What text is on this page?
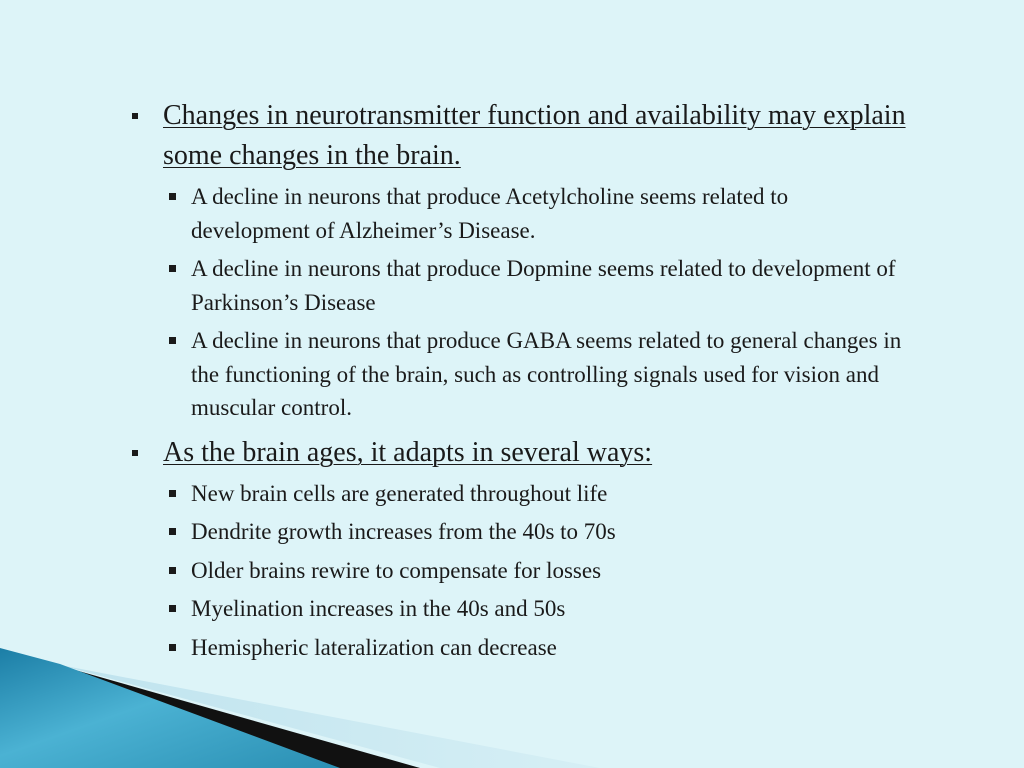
Changes in neurotransmitter function and availability may explain some changes in the brain.
A decline in neurons that produce Acetylcholine seems related to development of Alzheimer’s Disease.
A decline in neurons that produce Dopmine seems related to development of Parkinson’s Disease
A decline in neurons that produce GABA seems related to general changes in the functioning of the brain, such as controlling signals used for vision and muscular control.
As the brain ages, it adapts in several ways:
New brain cells are generated throughout life
Dendrite growth increases from the 40s to 70s
Older brains rewire to compensate for losses
Myelination increases in the 40s and 50s
Hemispheric lateralization can decrease
